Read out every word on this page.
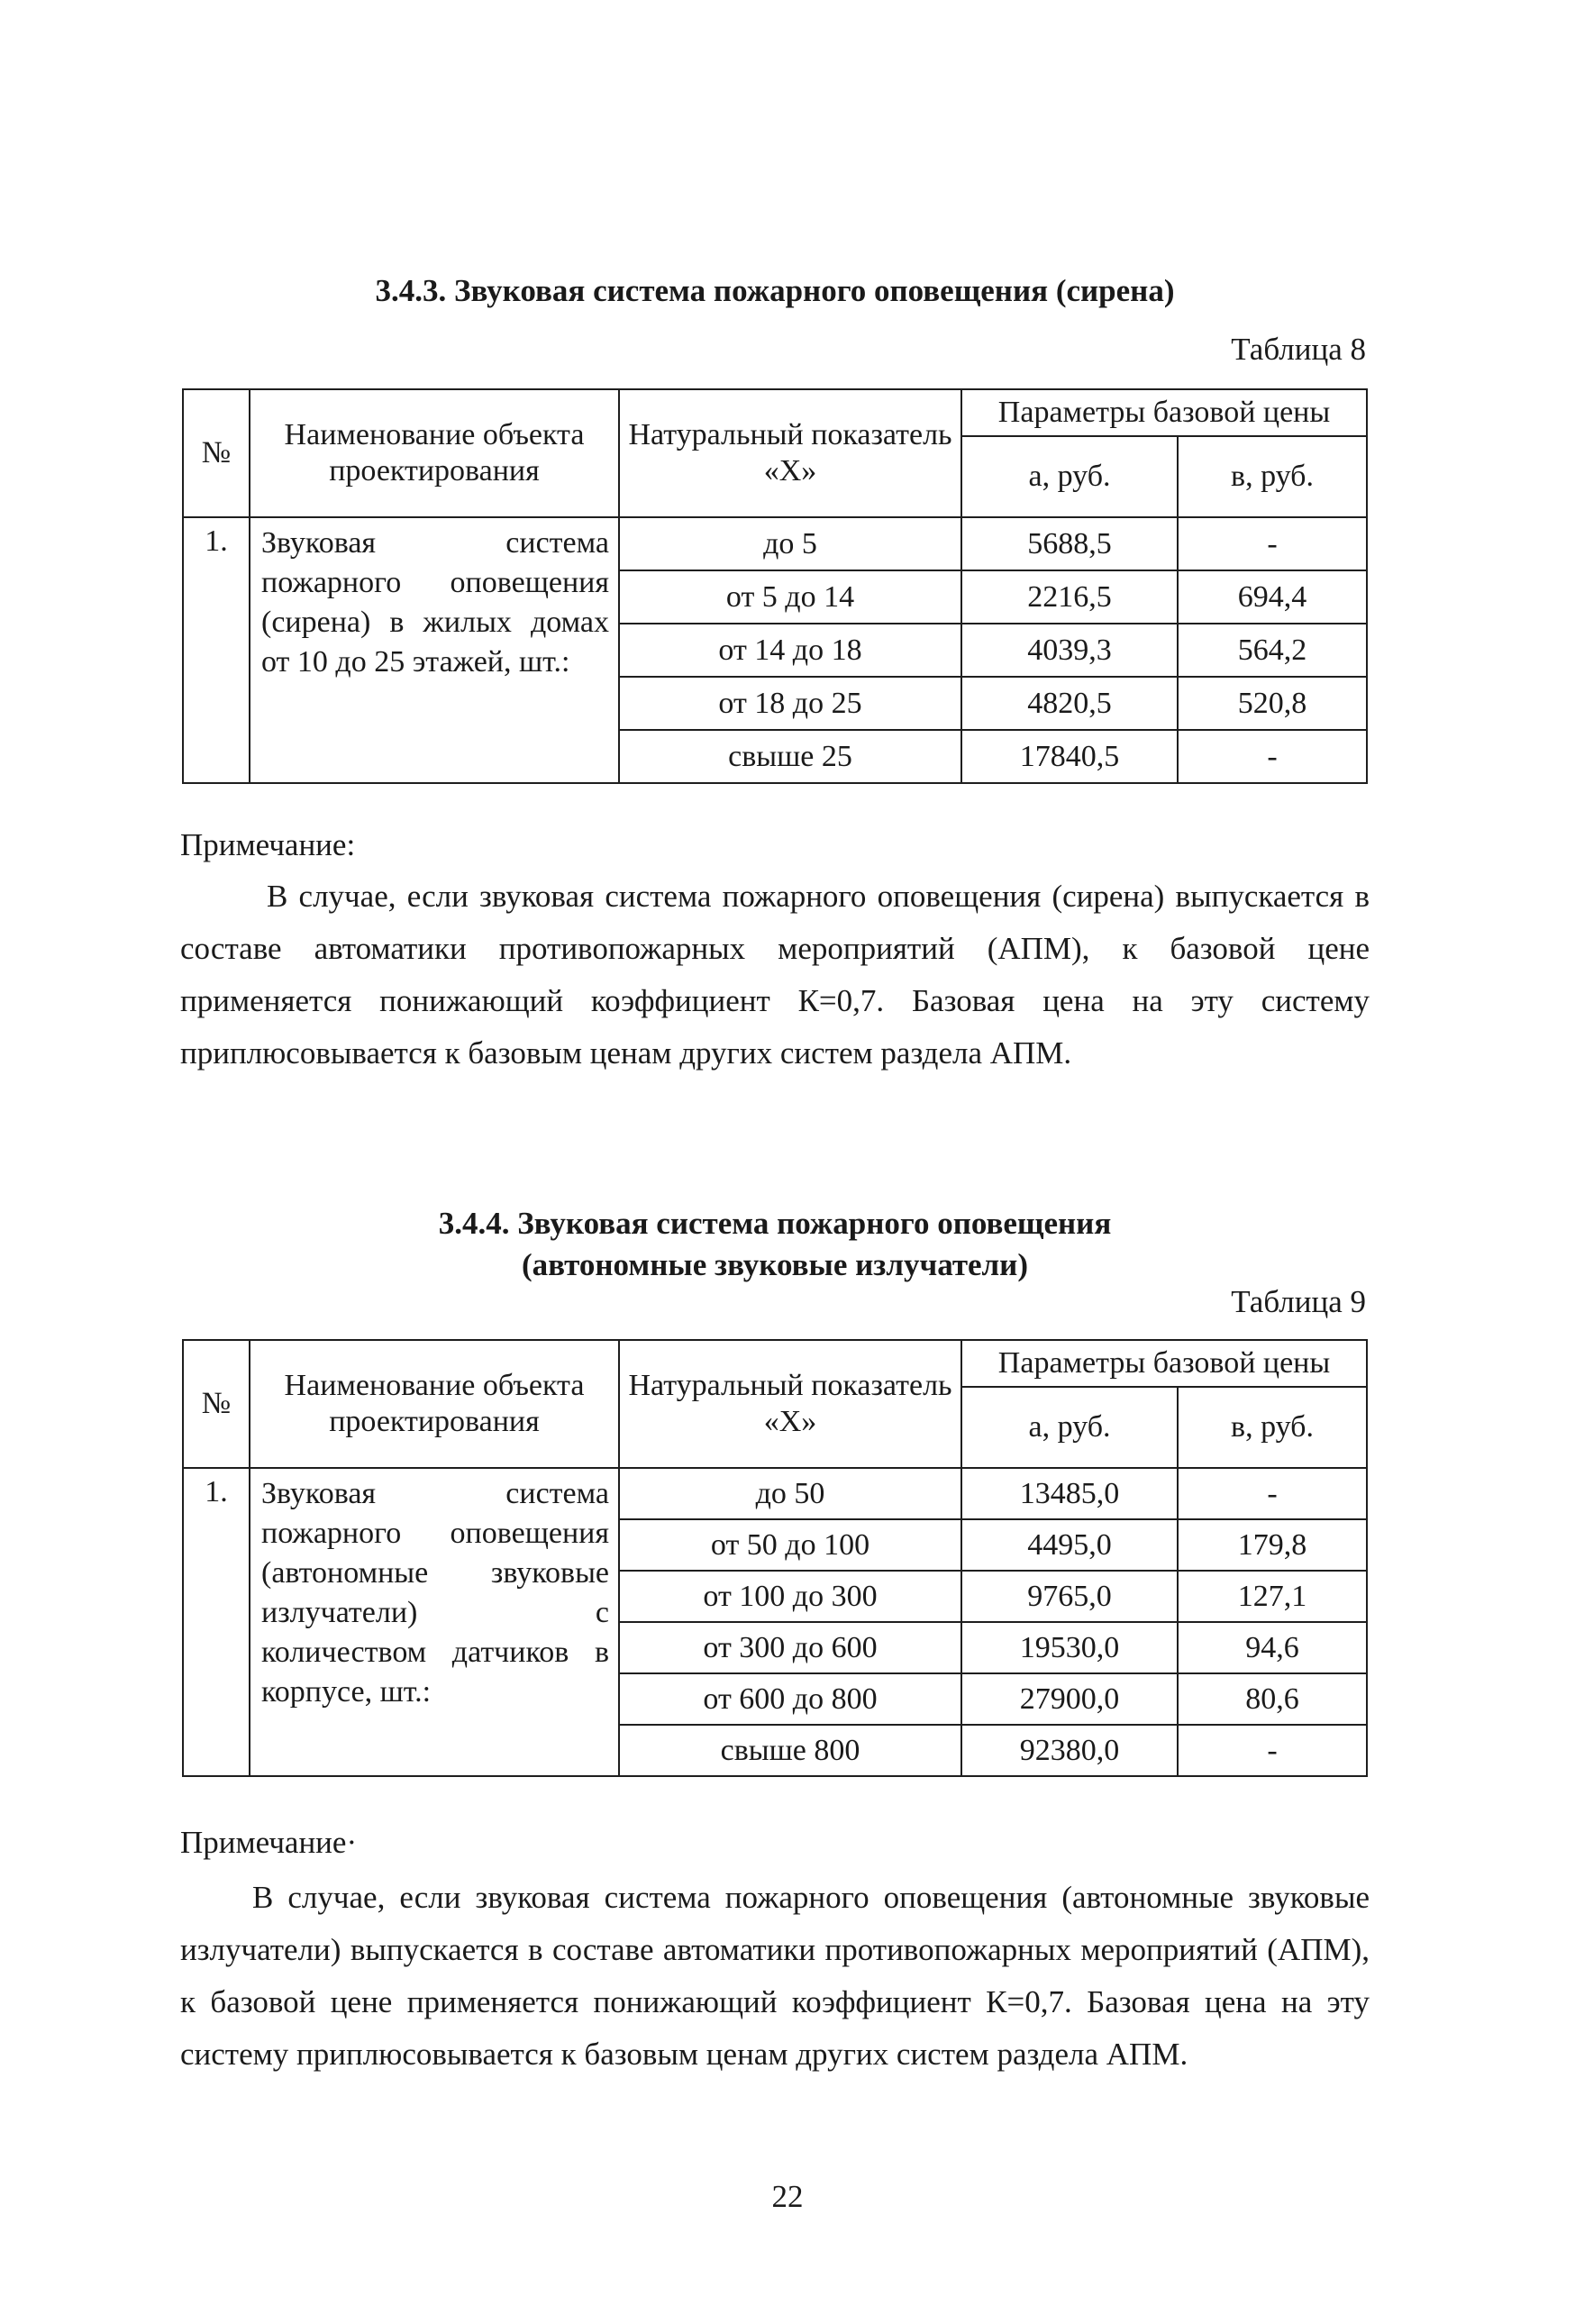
3.4.3. Звуковая система пожарного оповещения (сирена)
Таблица 8
№	Наименование объекта проектирования	Натуральный показатель «Х»	Параметры базовой цены	
			а, руб.	в, руб.
1.	Звуковая система пожарного оповещения (сирена) в жилых домах от 10 до 25 этажей, шт.:	до 5	5688,5	-
		от 5 до 14	2216,5	694,4
		от 14 до 18	4039,3	564,2
		от 18 до 25	4820,5	520,8
		свыше 25	17840,5	-
Примечание:
В случае, если звуковая система пожарного оповещения (сирена) выпускается в составе автоматики противопожарных мероприятий (АПМ), к базовой цене применяется понижающий коэффициент К=0,7. Базовая цена на эту систему приплюсовывается к базовым ценам других систем раздела АПМ.
3.4.4. Звуковая система пожарного оповещения
(автономные звуковые излучатели)
Таблица 9
№	Наименование объекта проектирования	Натуральный показатель «Х»	Параметры базовой цены	
			а, руб.	в, руб.
1.	Звуковая система пожарного оповещения (автономные звуковые излучатели) с количеством датчиков в корпусе, шт.:	до 50	13485,0	-
		от 50 до 100	4495,0	179,8
		от 100 до 300	9765,0	127,1
		от 300 до 600	19530,0	94,6
		от 600 до 800	27900,0	80,6
		свыше 800	92380,0	-
Примечание·
В случае, если звуковая система пожарного оповещения (автономные звуковые излучатели) выпускается в составе автоматики противопожарных мероприятий (АПМ), к базовой цене применяется понижающий коэффициент К=0,7. Базовая цена на эту систему приплюсовывается к базовым ценам других систем раздела АПМ.
22
